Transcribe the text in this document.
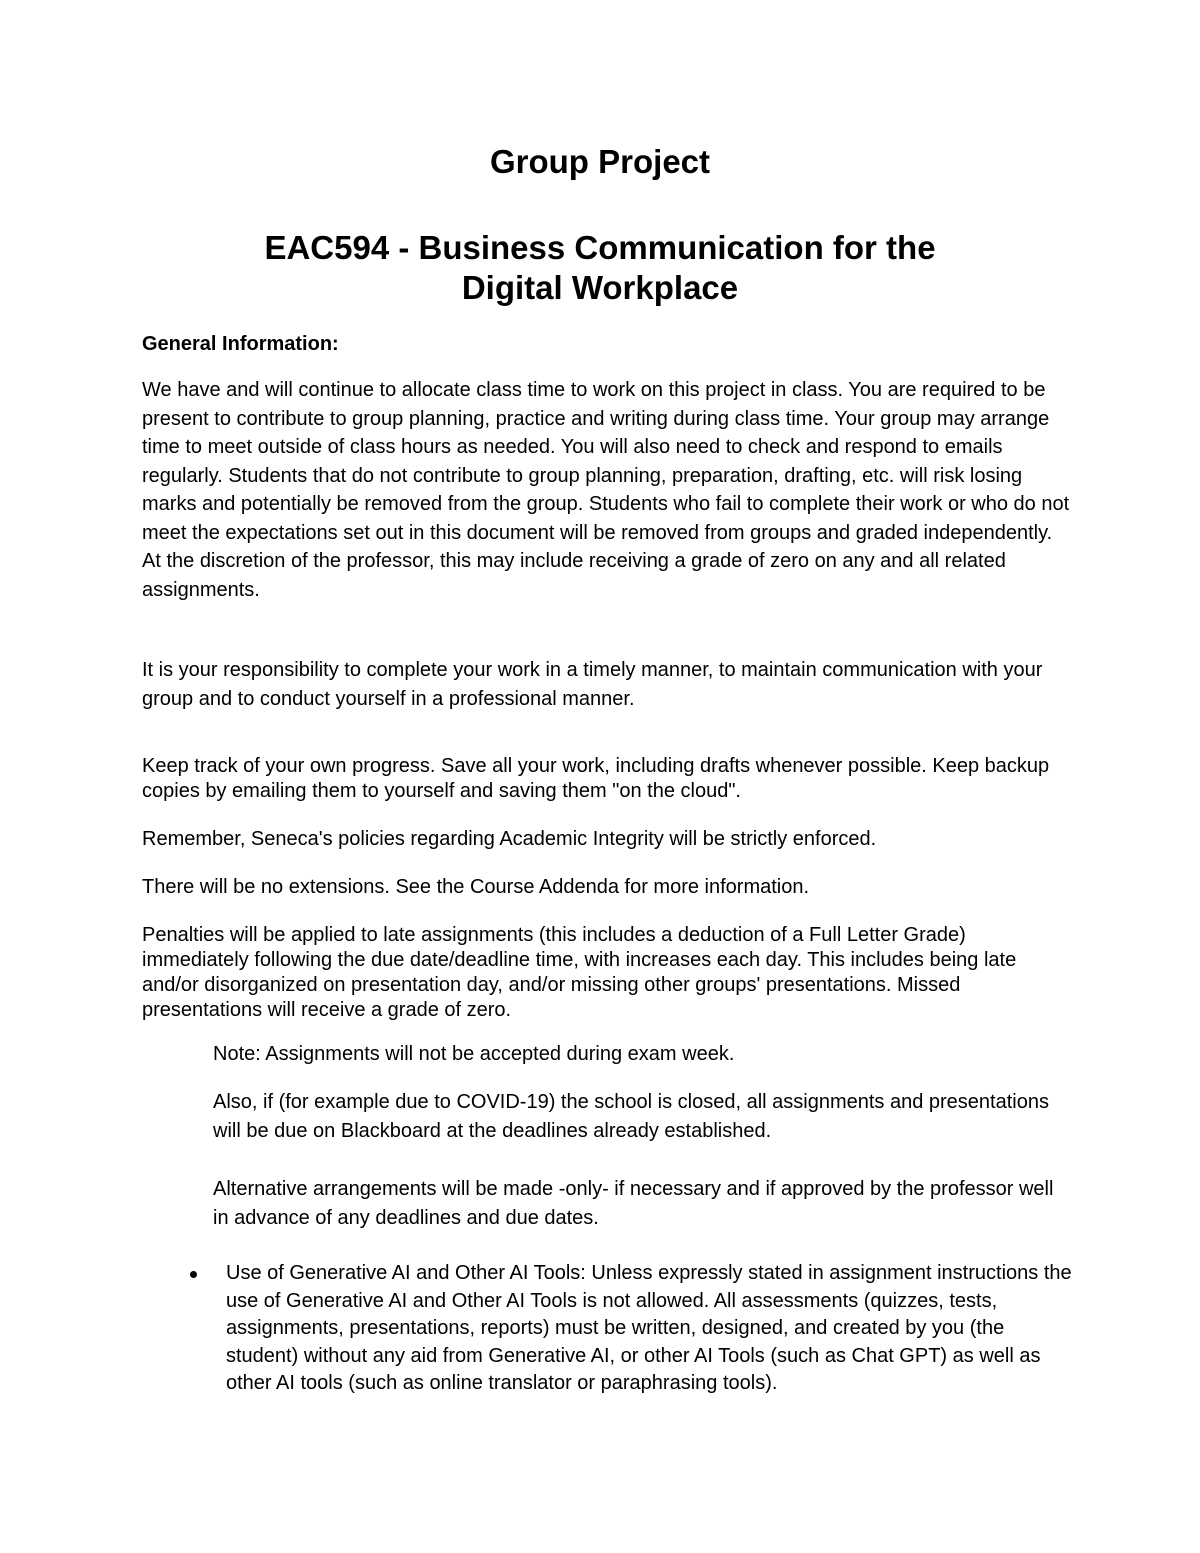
Group Project
EAC594 - Business Communication for the Digital Workplace
General Information:

We have and will continue to allocate class time to work on this project in class. You are required to be present to contribute to group planning, practice and writing during class time. Your group may arrange time to meet outside of class hours as needed. You will also need to check and respond to emails regularly. Students that do not contribute to group planning, preparation, drafting, etc. will risk losing marks and potentially be removed from the group. Students who fail to complete their work or who do not meet the expectations set out in this document will be removed from groups and graded independently. At the discretion of the professor, this may include receiving a grade of zero on any and all related assignments.

It is your responsibility to complete your work in a timely manner, to maintain communication with your group and to conduct yourself in a professional manner.

Keep track of your own progress. Save all your work, including drafts whenever possible. Keep backup copies by emailing them to yourself and saving them "on the cloud".

Remember, Seneca's policies regarding Academic Integrity will be strictly enforced.

There will be no extensions. See the Course Addenda for more information.

Penalties will be applied to late assignments (this includes a deduction of a Full Letter Grade) immediately following the due date/deadline time, with increases each day. This includes being late and/or disorganized on presentation day, and/or missing other groups' presentations. Missed presentations will receive a grade of zero.

Note: Assignments will not be accepted during exam week.

Also, if (for example due to COVID-19) the school is closed, all assignments and presentations will be due on Blackboard at the deadlines already established.

Alternative arrangements will be made -only- if necessary and if approved by the professor well in advance of any deadlines and due dates.

Use of Generative AI and Other AI Tools: Unless expressly stated in assignment instructions the use of Generative AI and Other AI Tools is not allowed. All assessments (quizzes, tests, assignments, presentations, reports) must be written, designed, and created by you (the student) without any aid from Generative AI, or other AI Tools (such as Chat GPT) as well as other AI tools (such as online translator or paraphrasing tools).
